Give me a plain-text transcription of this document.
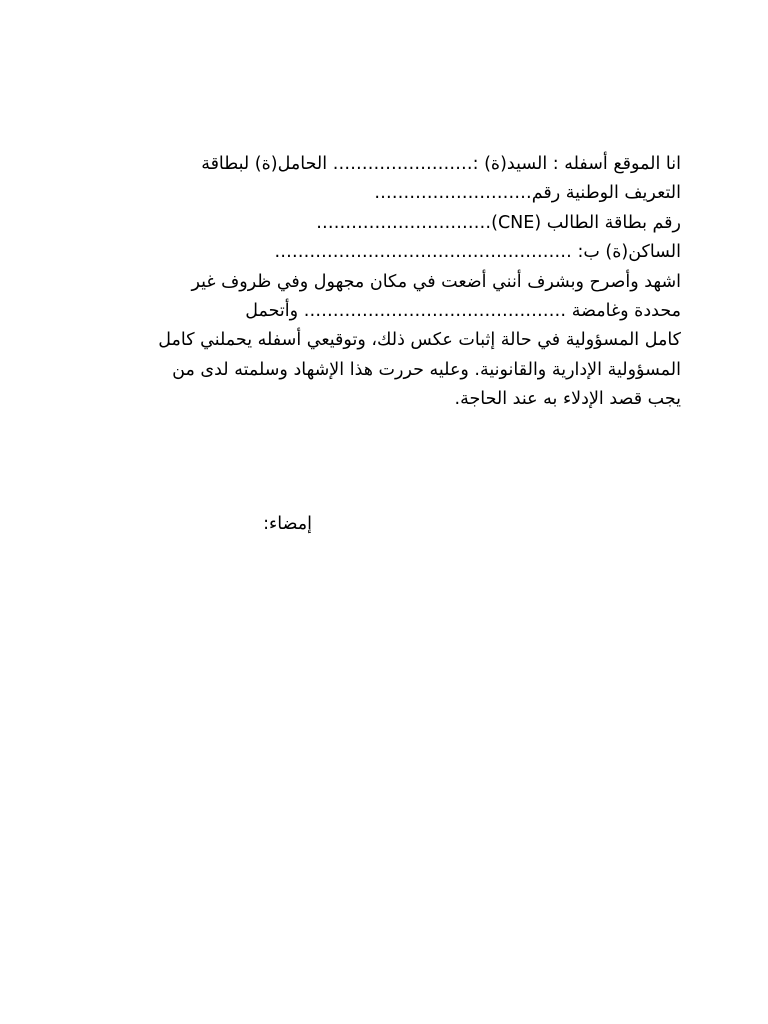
انا الموقع أسفله : السيد(ة) :…………………… الحامل(ة) لبطاقة
التعريف الوطنية رقم………………………
رقم بطاقة الطالب (CNE)…………………………
الساكن(ة) ب: ……………………………………………
اشهد وأصرح وبشرف أنني أضعت في مكان مجهول وفي ظروف غير
محددة وغامضة ……………………………………… وأتحمل
كامل المسؤولية في حالة إثبات عكس ذلك، وتوقيعي أسفله يحملني كامل
المسؤولية الإدارية والقانونية. وعليه حررت هذا الإشهاد وسلمته لدى من
يجب قصد الإدلاء به عند الحاجة.
إمضاء:
